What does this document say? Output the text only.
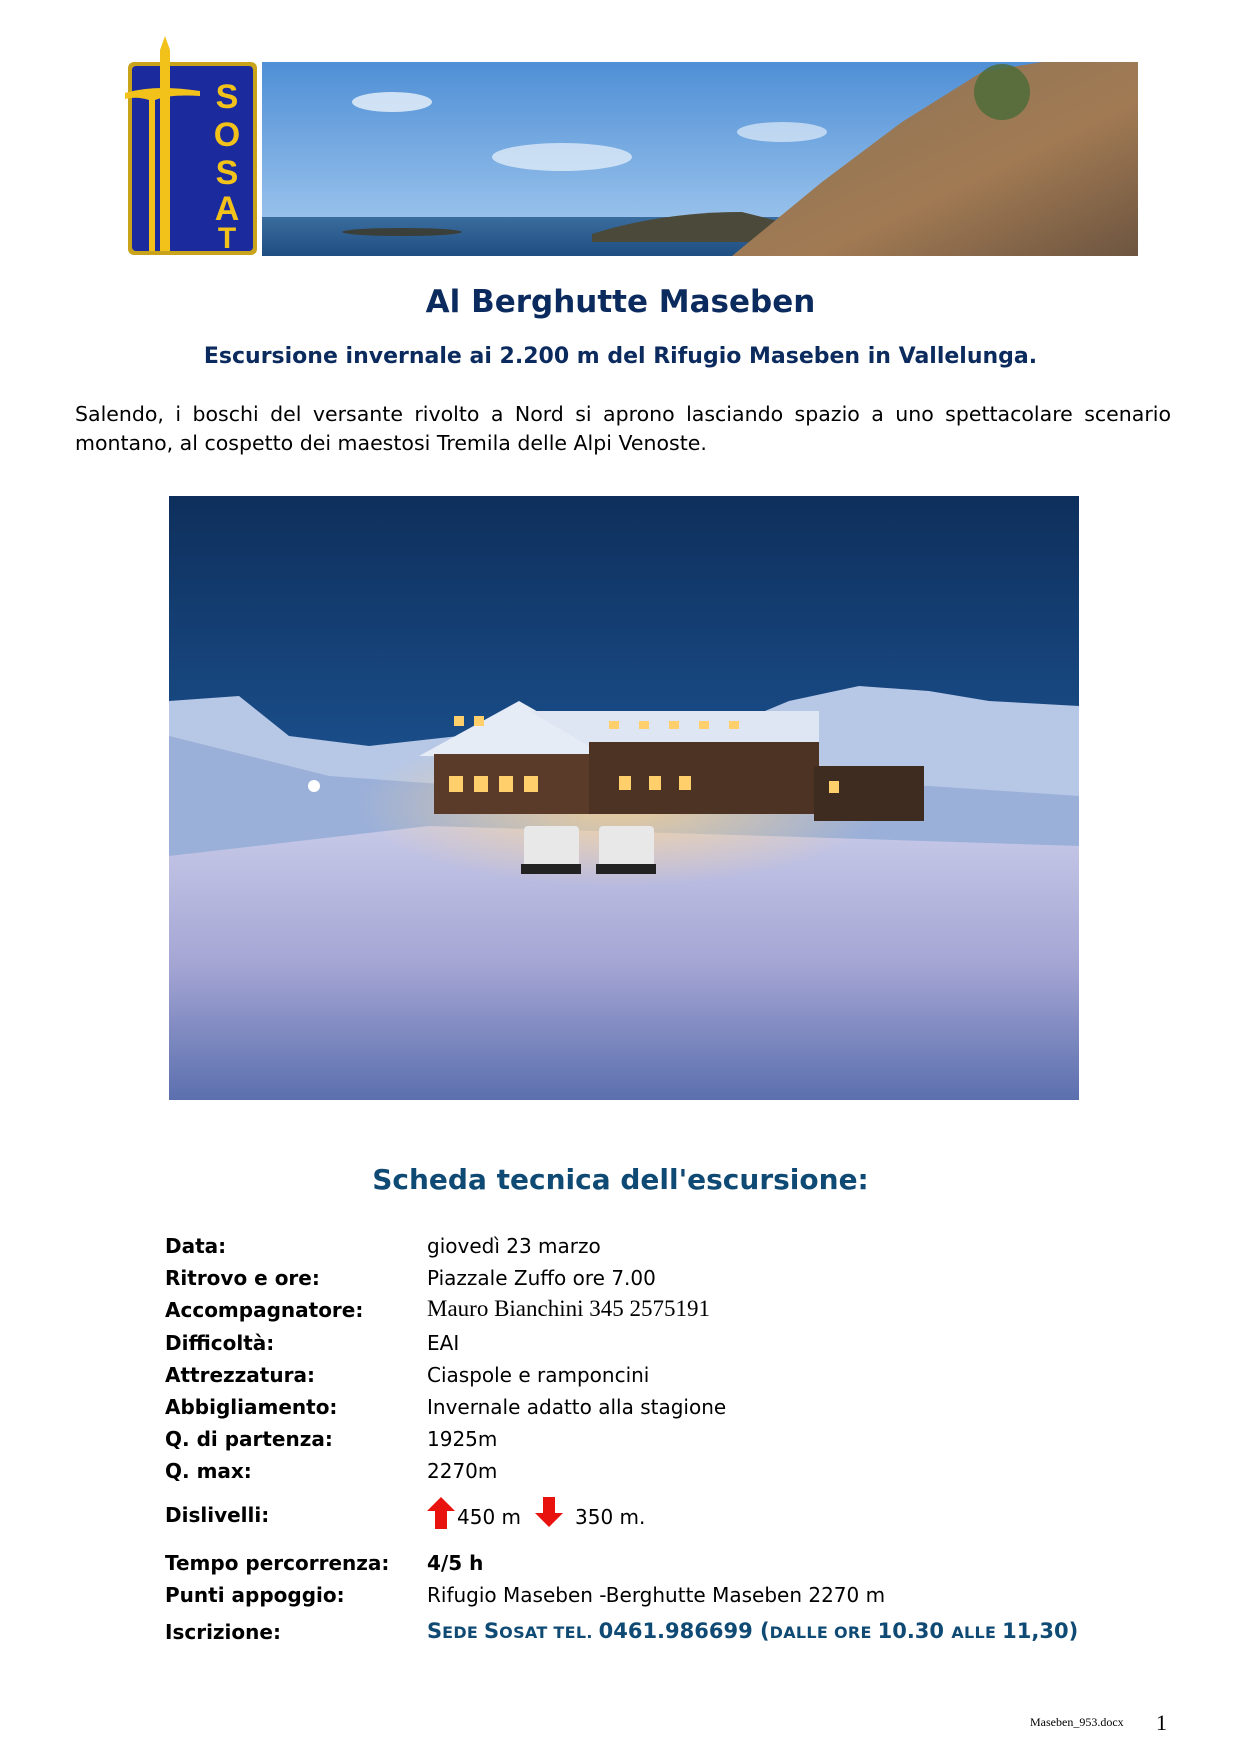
S
O
S
A
T
Al Berghutte Maseben
Escursione invernale ai 2.200 m del Rifugio Maseben in Vallelunga.
Salendo, i boschi del versante rivolto a Nord si aprono lasciando spazio a uno spettacolare scenario montano, al cospetto dei maestosi Tremila delle Alpi Venoste.
Scheda tecnica dell'escursione:
Data:	giovedì 23 marzo
Ritrovo e ore:	Piazzale Zuffo ore 7.00
Accompagnatore:	Mauro Bianchini 345 2575191
Difficoltà:	EAI
Attrezzatura:	Ciaspole e ramponcini
Abbigliamento:	Invernale adatto alla stagione
Q. di partenza:	1925m
Q. max:	2270m
Dislivelli:	450 m	350 m.
Tempo percorrenza: 4/5 h
Punti appoggio:	Rifugio Maseben -Berghutte Maseben 2270 m
Iscrizione:	SEDE SOSAT TEL. 0461.986699 (DALLE ORE 10.30 ALLE 11,30)
Maseben_953.docx 1
